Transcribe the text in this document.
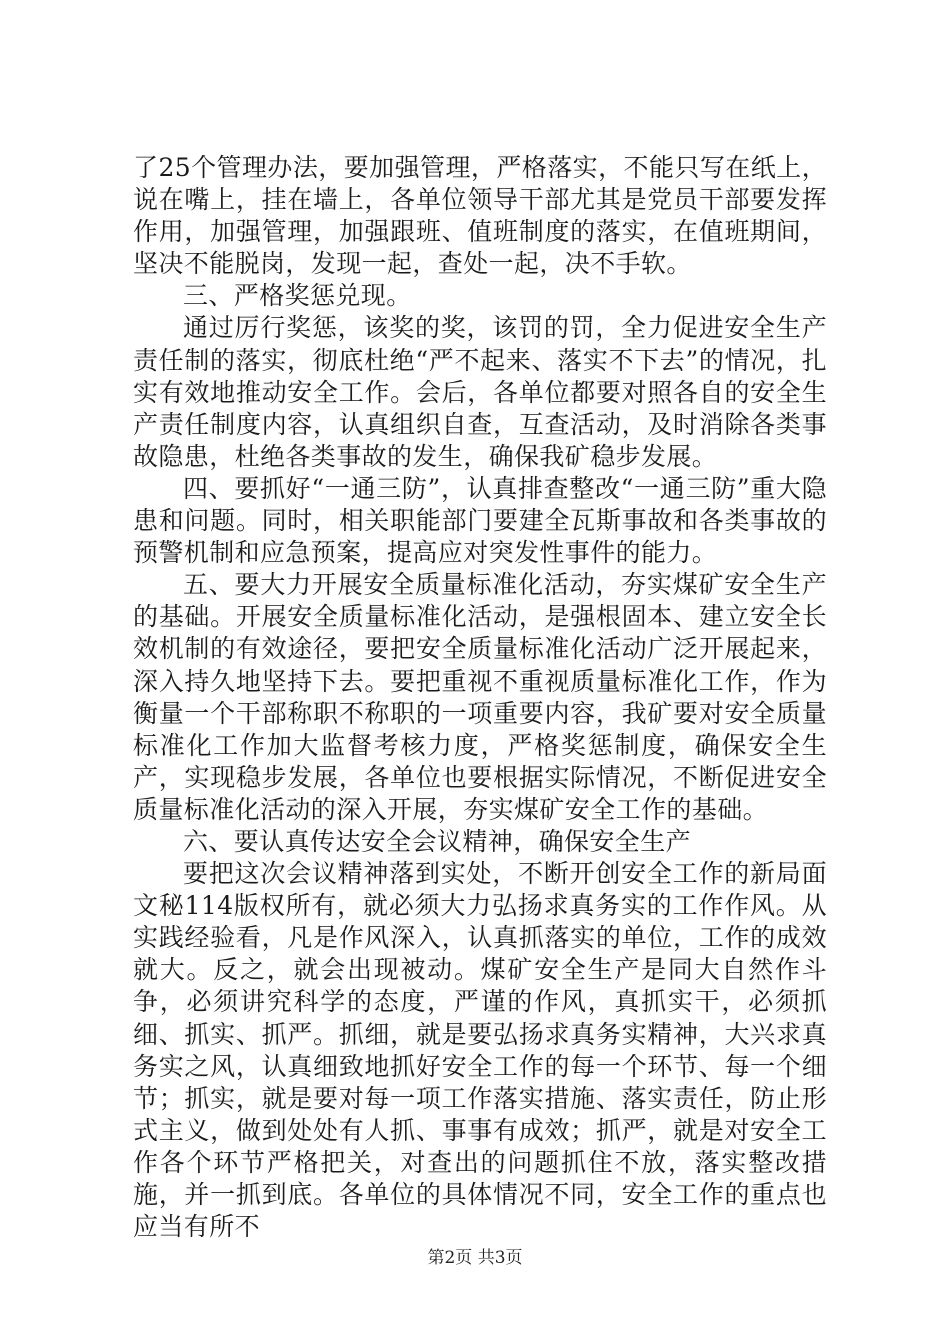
了25个管理办法，要加强管理，严格落实，不能只写在纸上，说在嘴上，挂在墙上，各单位领导干部尤其是党员干部要发挥作用，加强管理，加强跟班、值班制度的落实，在值班期间，坚决不能脱岗，发现一起，查处一起，决不手软。

三、严格奖惩兑现。

通过厉行奖惩，该奖的奖，该罚的罚，全力促进安全生产责任制的落实，彻底杜绝“严不起来、落实不下去”的情况，扎实有效地推动安全工作。会后，各单位都要对照各自的安全生产责任制度内容，认真组织自查，互查活动，及时消除各类事故隐患，杜绝各类事故的发生，确保我矿稳步发展。

四、要抓好“一通三防”，认真排查整改“一通三防”重大隐患和问题。同时，相关职能部门要建全瓦斯事故和各类事故的预警机制和应急预案，提高应对突发性事件的能力。

五、要大力开展安全质量标准化活动，夯实煤矿安全生产的基础。开展安全质量标准化活动，是强根固本、建立安全长效机制的有效途径，要把安全质量标准化活动广泛开展起来，深入持久地坚持下去。要把重视不重视质量标准化工作，作为衡量一个干部称职不称职的一项重要内容，我矿要对安全质量标准化工作加大监督考核力度，严格奖惩制度，确保安全生产，实现稳步发展，各单位也要根据实际情况，不断促进安全质量标准化活动的深入开展，夯实煤矿安全工作的基础。

六、要认真传达安全会议精神，确保安全生产

要把这次会议精神落到实处，不断开创安全工作的新局面文秘114版权所有，就必须大力弘扬求真务实的工作作风。从实践经验看，凡是作风深入，认真抓落实的单位，工作的成效就大。反之，就会出现被动。煤矿安全生产是同大自然作斗争，必须讲究科学的态度，严谨的作风，真抓实干，必须抓细、抓实、抓严。抓细，就是要弘扬求真务实精神，大兴求真务实之风，认真细致地抓好安全工作的每一个环节、每一个细节；抓实，就是要对每一项工作落实措施、落实责任，防止形式主义，做到处处有人抓、事事有成效；抓严，就是对安全工作各个环节严格把关，对查出的问题抓住不放，落实整改措施，并一抓到底。各单位的具体情况不同，安全工作的重点也应当有所不

第2页 共3页
